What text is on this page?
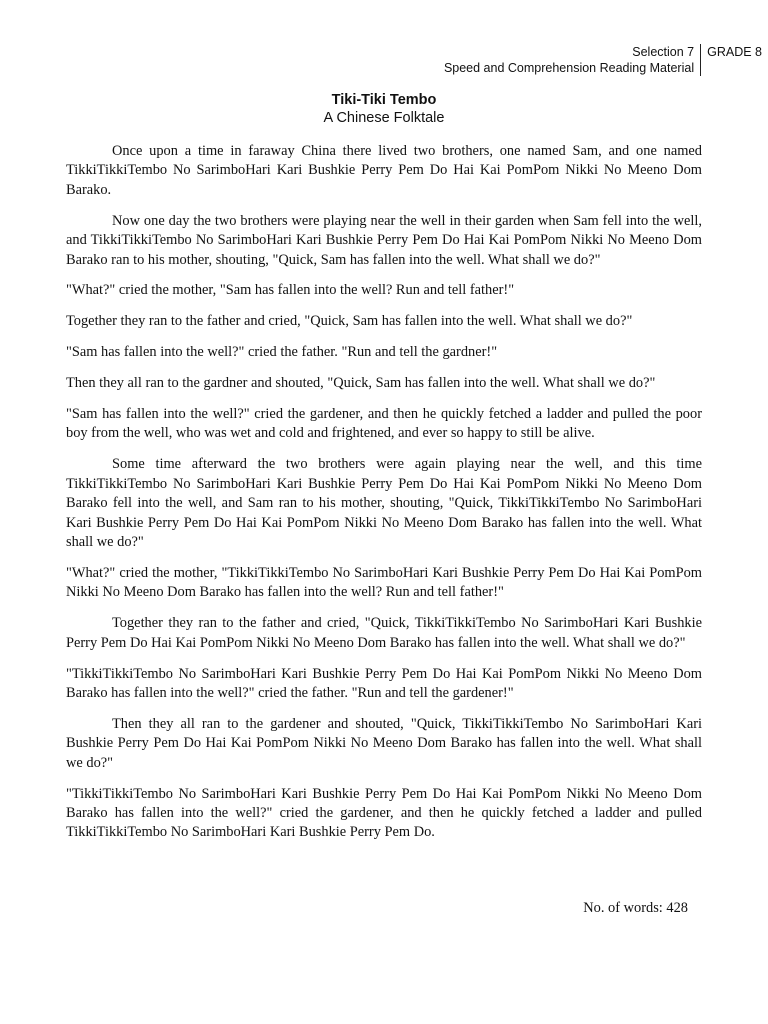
Selection 7
Speed and Comprehension Reading Material
GRADE 8
Tiki-Tiki Tembo
A Chinese Folktale

Once upon a time in faraway China there lived two brothers, one named Sam, and one named TikkiTikkiTembo No SarimboHari Kari Bushkie Perry Pem Do Hai Kai PomPom Nikki No Meeno Dom Barako.

Now one day the two brothers were playing near the well in their garden when Sam fell into the well, and TikkiTikkiTembo No SarimboHari Kari Bushkie Perry Pem Do Hai Kai PomPom Nikki No Meeno Dom Barako ran to his mother, shouting, "Quick, Sam has fallen into the well. What shall we do?"

"What?" cried the mother, "Sam has fallen into the well? Run and tell father!"

Together they ran to the father and cried, "Quick, Sam has fallen into the well. What shall we do?"

"Sam has fallen into the well?" cried the father. "Run and tell the gardner!"

Then they all ran to the gardner and shouted, "Quick, Sam has fallen into the well. What shall we do?"

"Sam has fallen into the well?" cried the gardener, and then he quickly fetched a ladder and pulled the poor boy from the well, who was wet and cold and frightened, and ever so happy to still be alive.

Some time afterward the two brothers were again playing near the well, and this time TikkiTikkiTembo No SarimboHari Kari Bushkie Perry Pem Do Hai Kai PomPom Nikki No Meeno Dom Barako fell into the well, and Sam ran to his mother, shouting, "Quick, TikkiTikkiTembo No SarimboHari Kari Bushkie Perry Pem Do Hai Kai PomPom Nikki No Meeno Dom Barako has fallen into the well. What shall we do?"

"What?" cried the mother, "TikkiTikkiTembo No SarimboHari Kari Bushkie Perry Pem Do Hai Kai PomPom Nikki No Meeno Dom Barako has fallen into the well? Run and tell father!"

Together they ran to the father and cried, "Quick, TikkiTikkiTembo No SarimboHari Kari Bushkie Perry Pem Do Hai Kai PomPom Nikki No Meeno Dom Barako has fallen into the well. What shall we do?"

"TikkiTikkiTembo No SarimboHari Kari Bushkie Perry Pem Do Hai Kai PomPom Nikki No Meeno Dom Barako has fallen into the well?" cried the father. "Run and tell the gardener!"

Then they all ran to the gardener and shouted, "Quick, TikkiTikkiTembo No SarimboHari Kari Bushkie Perry Pem Do Hai Kai PomPom Nikki No Meeno Dom Barako has fallen into the well. What shall we do?"

"TikkiTikkiTembo No SarimboHari Kari Bushkie Perry Pem Do Hai Kai PomPom Nikki No Meeno Dom Barako has fallen into the well?" cried the gardener, and then he quickly fetched a ladder and pulled TikkiTikkiTembo No SarimboHari Kari Bushkie Perry Pem Do.

No. of words: 428
